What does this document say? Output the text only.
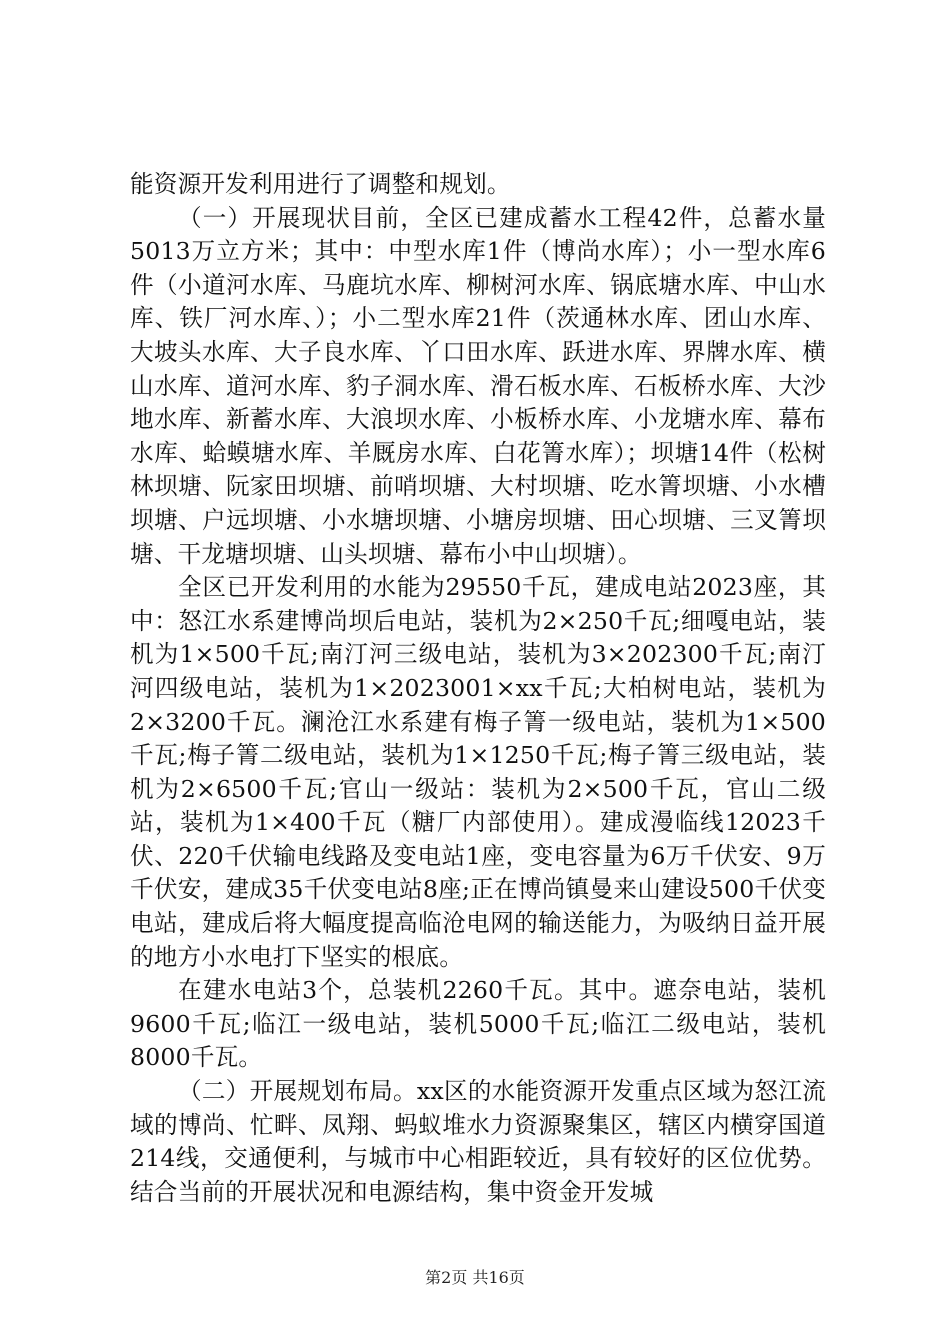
能资源开发利用进行了调整和规划。

（一）开展现状目前，全区已建成蓄水工程42件，总蓄水量5013万立方米；其中：中型水库1件（博尚水库）；小一型水库6件（小道河水库、马鹿坑水库、柳树河水库、锅底塘水库、中山水库、铁厂河水库、）；小二型水库21件（茨通林水库、团山水库、大坡头水库、大子良水库、丫口田水库、跃进水库、界牌水库、横山水库、道河水库、豹子洞水库、滑石板水库、石板桥水库、大沙地水库、新蓄水库、大浪坝水库、小板桥水库、小龙塘水库、幕布水库、蛤蟆塘水库、羊厩房水库、白花箐水库）；坝塘14件（松树林坝塘、阮家田坝塘、前哨坝塘、大村坝塘、吃水箐坝塘、小水槽坝塘、户远坝塘、小水塘坝塘、小塘房坝塘、田心坝塘、三叉箐坝塘、干龙塘坝塘、山头坝塘、幕布小中山坝塘）。

全区已开发利用的水能为29550千瓦，建成电站2023座，其中：怒江水系建博尚坝后电站，装机为2×250千瓦;细嘎电站，装机为1×500千瓦;南汀河三级电站，装机为3×202300千瓦;南汀河四级电站，装机为1×2023001×xx千瓦;大柏树电站，装机为2×3200千瓦。澜沧江水系建有梅子箐一级电站，装机为1×500千瓦;梅子箐二级电站，装机为1×1250千瓦;梅子箐三级电站，装机为2×6500千瓦;官山一级站：装机为2×500千瓦，官山二级站，装机为1×400千瓦（糖厂内部使用）。建成漫临线12023千伏、220千伏输电线路及变电站1座，变电容量为6万千伏安、9万千伏安，建成35千伏变电站8座;正在博尚镇曼来山建设500千伏变电站，建成后将大幅度提高临沧电网的输送能力，为吸纳日益开展的地方小水电打下坚实的根底。

在建水电站3个，总装机2260千瓦。其中。遮奈电站，装机9600千瓦;临江一级电站，装机5000千瓦;临江二级电站，装机8000千瓦。

（二）开展规划布局。xx区的水能资源开发重点区域为怒江流域的博尚、忙畔、凤翔、蚂蚁堆水力资源聚集区，辖区内横穿国道214线，交通便利，与城市中心相距较近，具有较好的区位优势。结合当前的开展状况和电源结构，集中资金开发城

第2页 共16页
